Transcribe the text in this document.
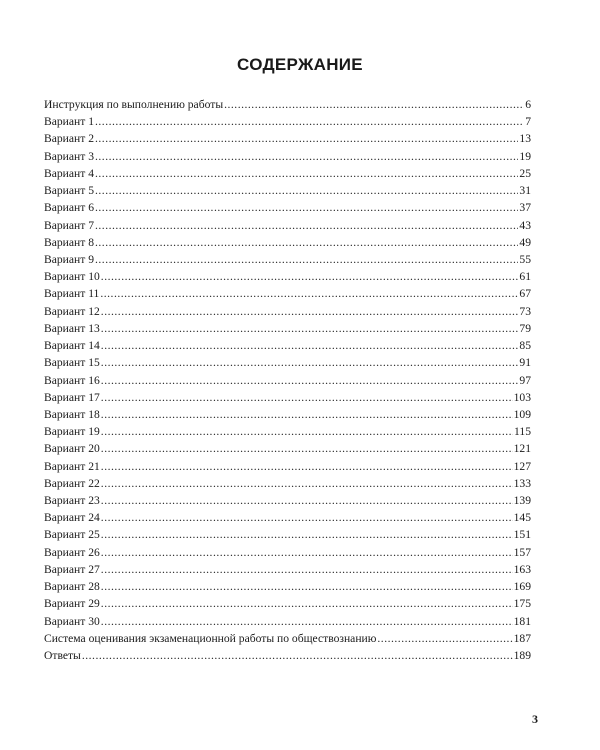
СОДЕРЖАНИЕ
Инструкция по выполнению работы .....	6
Вариант 1 .....	7
Вариант 2 .....	13
Вариант 3 .....	19
Вариант 4 .....	25
Вариант 5 .....	31
Вариант 6 .....	37
Вариант 7 .....	43
Вариант 8 .....	49
Вариант 9 .....	55
Вариант 10 .....	61
Вариант 11 .....	67
Вариант 12 .....	73
Вариант 13 .....	79
Вариант 14 .....	85
Вариант 15 .....	91
Вариант 16 .....	97
Вариант 17 .....	103
Вариант 18 .....	109
Вариант 19 .....	115
Вариант 20 .....	121
Вариант 21 .....	127
Вариант 22 .....	133
Вариант 23 .....	139
Вариант 24 .....	145
Вариант 25 .....	151
Вариант 26 .....	157
Вариант 27 .....	163
Вариант 28 .....	169
Вариант 29 .....	175
Вариант 30 .....	181
Система оценивания экзаменационной работы по обществознанию .....	187
Ответы .....	189
3
